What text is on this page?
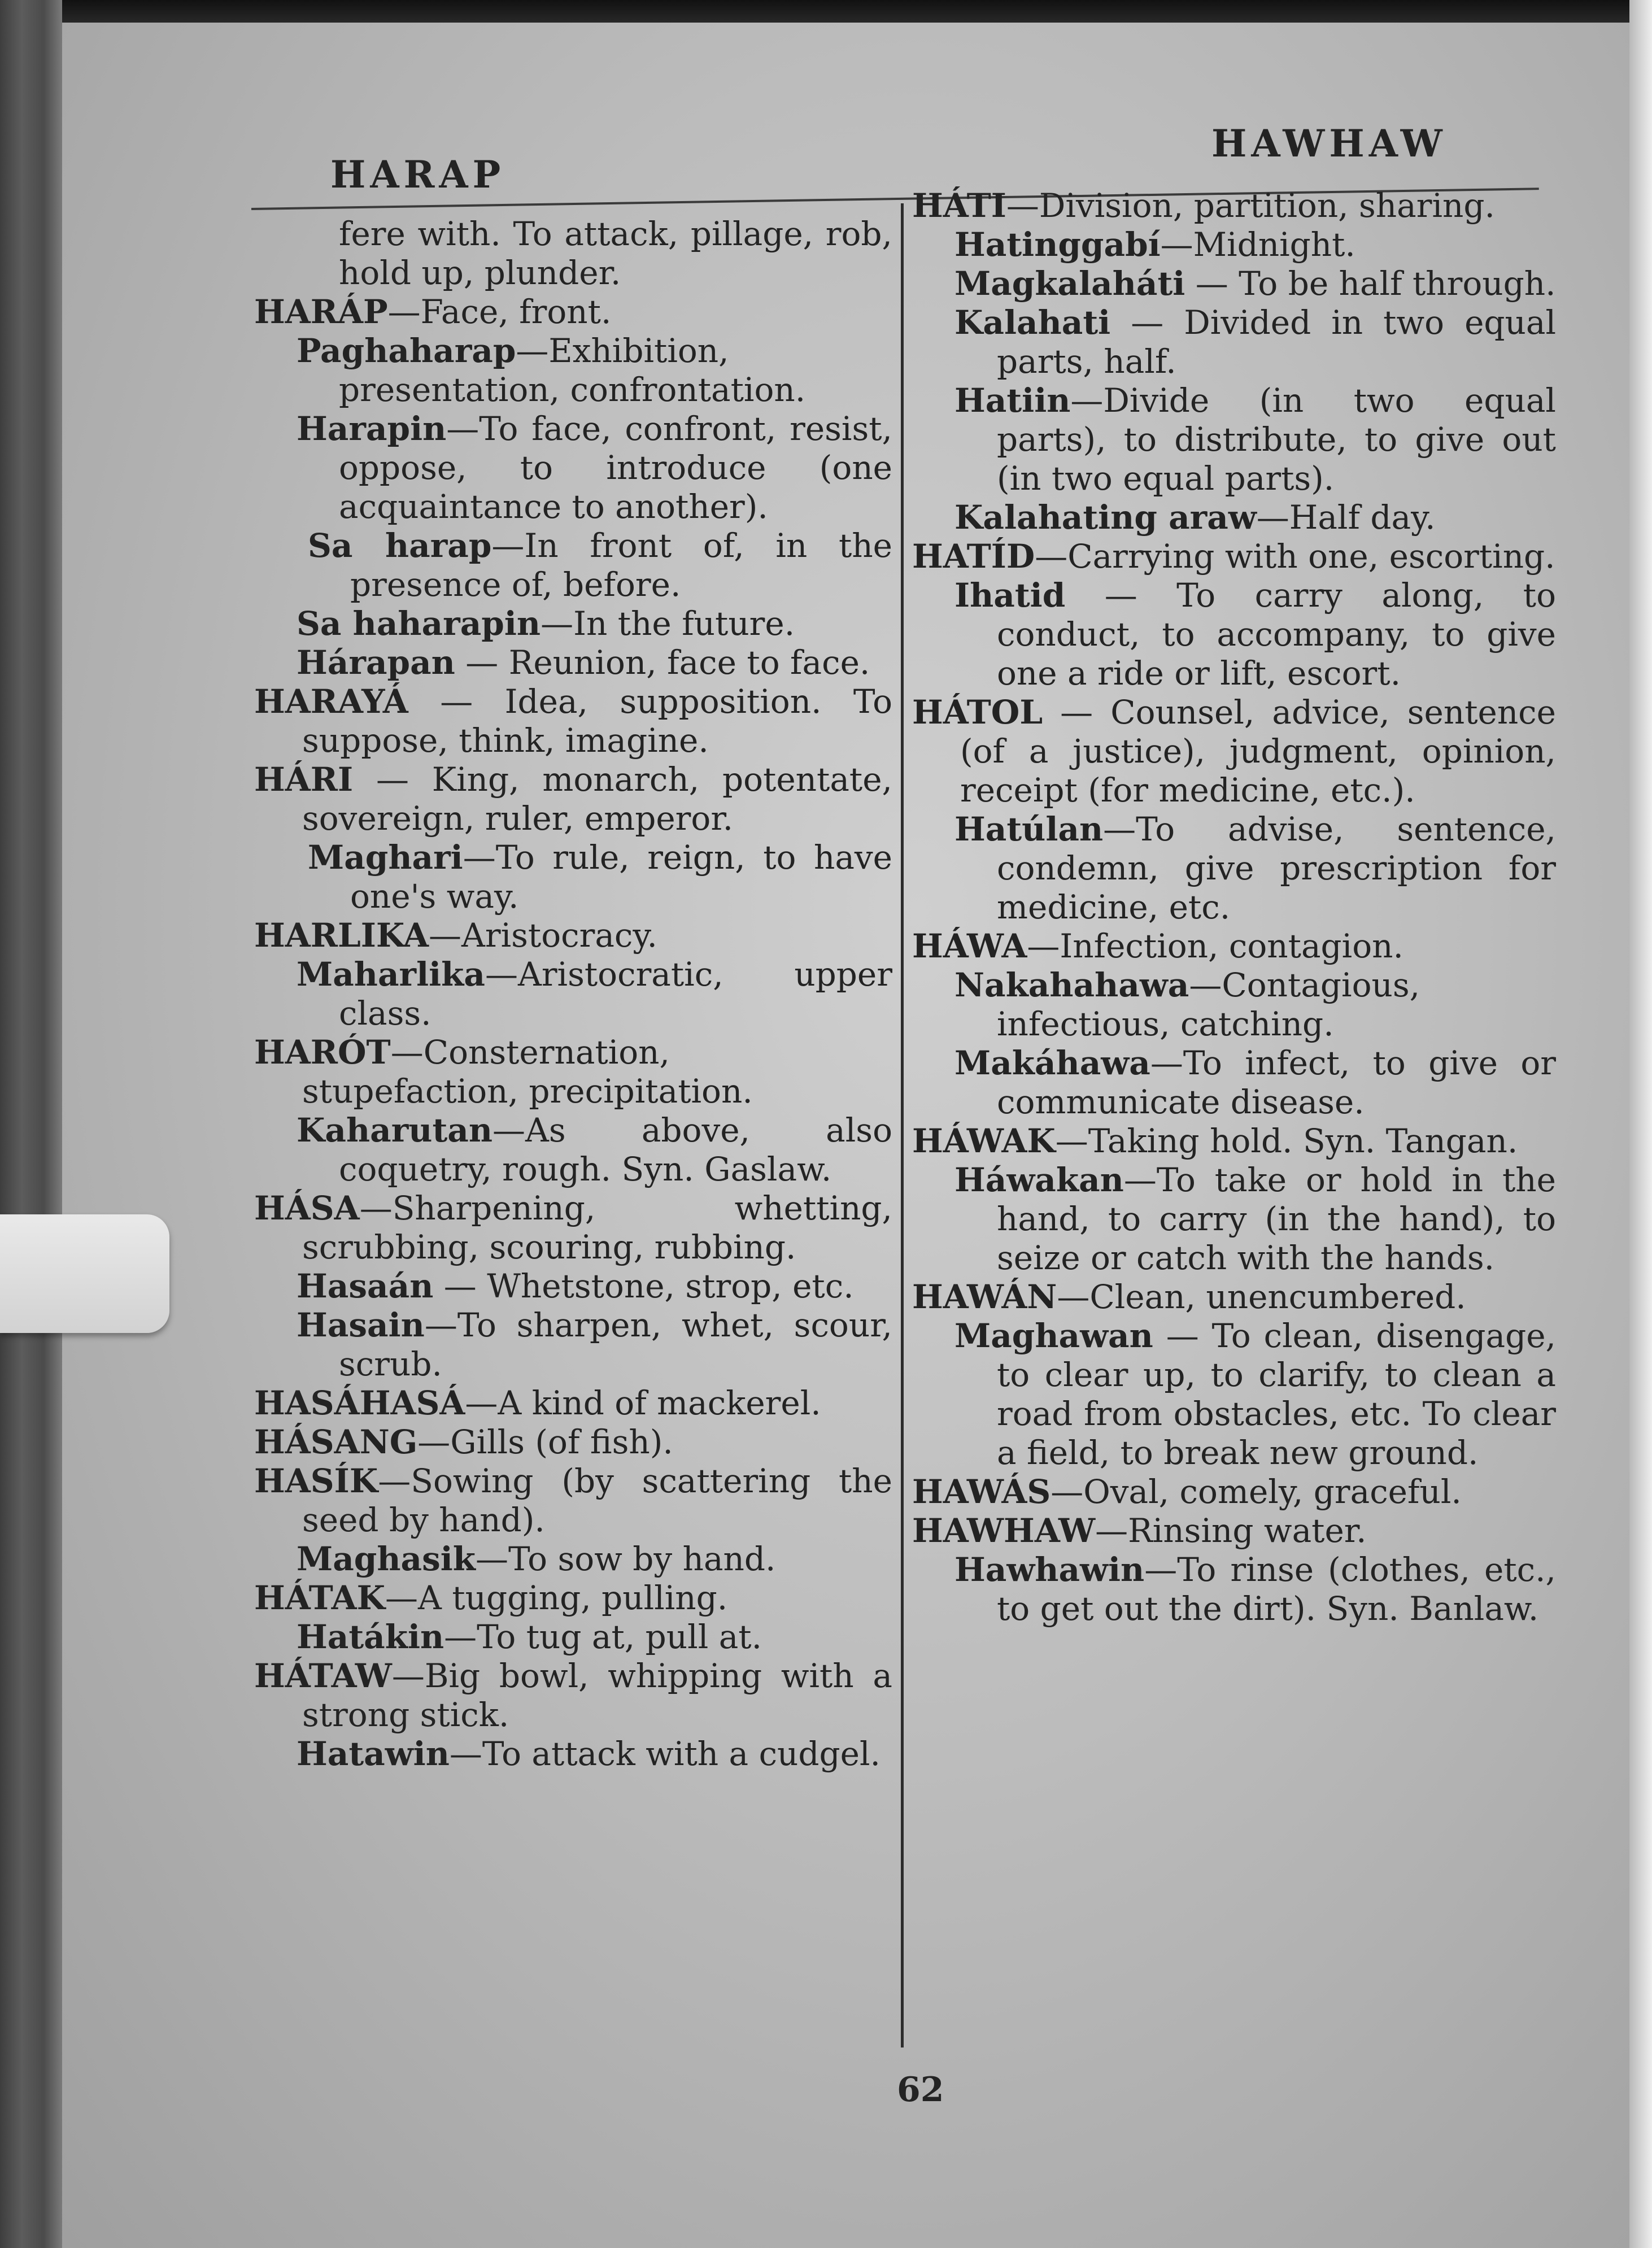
HARAP
HAWHAW

fere with. To attack, pillage, rob, hold up, plunder.

HARÁP—Face, front.

Paghaharap—Exhibition, presentation, confrontation.

Harapin—To face, confront, resist, oppose, to introduce (one acquaintance to another).

Sa harap—In front of, in the presence of, before.

Sa haharapin—In the future.

Hárapan — Reunion, face to face.

HARAYÁ — Idea, supposition. To suppose, think, imagine.

HÁRI — King, monarch, potentate, sovereign, ruler, emperor.

Maghari—To rule, reign, to have one's way.

HARLIKA—Aristocracy.

Maharlika—Aristocratic, upper class.

HARÓT—Consternation, stupefaction, precipitation.

Kaharutan—As above, also coquetry, rough. Syn. Gaslaw.

HÁSA—Sharpening, whetting, scrubbing, scouring, rubbing.

Hasaán — Whetstone, strop, etc.

Hasain—To sharpen, whet, scour, scrub.

HASÁHASÁ—A kind of mackerel.

HÁSANG—Gills (of fish).

HASÍK—Sowing (by scattering the seed by hand).

Maghasik—To sow by hand.

HÁTAK—A tugging, pulling.

Hatákin—To tug at, pull at.

HÁTAW—Big bowl, whipping with a strong stick.

Hatawin—To attack with a cudgel.

HÁTI—Division, partition, sharing.

Hatinggabí—Midnight.

Magkalaháti — To be half through.

Kalahati — Divided in two equal parts, half.

Hatiin—Divide (in two equal parts), to distribute, to give out (in two equal parts).

Kalahating araw—Half day.

HATÍD—Carrying with one, escorting.

Ihatid — To carry along, to conduct, to accompany, to give one a ride or lift, escort.

HÁTOL — Counsel, advice, sentence (of a justice), judgment, opinion, receipt (for medicine, etc.).

Hatúlan—To advise, sentence, condemn, give prescription for medicine, etc.

HÁWA—Infection, contagion.

Nakahahawa—Contagious, infectious, catching.

Makáhawa—To infect, to give or communicate disease.

HÁWAK—Taking hold. Syn. Tangan.

Háwakan—To take or hold in the hand, to carry (in the hand), to seize or catch with the hands.

HAWÁN—Clean, unencumbered.

Maghawan — To clean, disengage, to clear up, to clarify, to clean a road from obstacles, etc. To clear a field, to break new ground.

HAWÁS—Oval, comely, graceful.

HAWHAW—Rinsing water.

Hawhawin—To rinse (clothes, etc., to get out the dirt). Syn. Banlaw.

62
